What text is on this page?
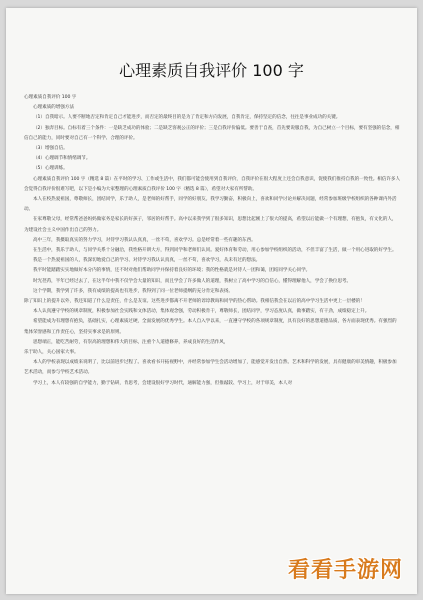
心理素质自我评价 100 字

心理素质自我评价 100 字

心理素质的增强方法

（1）自我暗示。人要不断地否定和肯定自己才能进步，而否定的最终目的是为了肯定和方向发展，自我肯定，保持坚定的信念，往往是事业成功的关键。

（2）独奔目标。自标有着三个条件：一是缺乏成功的体验；二是缺乏客观公正的评价；三是自我评价偏低。要善于自查，首先要说服自我，为自己树立一个目标，要有坚强的信念，相信自己的能力，同时要对自己有一个科学、合理的评价。

（3）增强自信。

（4）心理调节和情绪调节。

（5）心理训练。

心理素质自我评价 100 字（精选 8 篇）在平时的学习、工作或生活中，我们都可能会使用到自我评价，自我评价在很大程度上还会自我意识，促使我们推持自我的一致性。相信许多人会觉得自我评价很难写吧，以下是小编为大家整理的心理素质自我评价 100 字（精选 8 篇），希望对大家有所帮助。

本人在校热爱祖国，尊敬师长，团结同学，乐于助人，是老师的好帮手，同学的好朋友。我学习勤奋，积极向上，喜欢和同学讨论并解决问题，经常参加班级学校组织的各种课内外活动。

在家尊敬父母，经常帮爸爸妈妈做家务是家长的好孩子，邻居的好帮手。高中以来我学到了很多知识，思想比起刚上了很大的提高，希望以后能做一个有理想，有抱负，有文化的人，为建设社会主义中国作出自己的努力。

高中三年，我摄取真实的努力学习，对待学习我认认真真，一丝不苟，喜欢学习。总是经常着一些有趣的东西。

在生活中，我乐于助人，与同学关系十分融洽，我性格开朗大方，得到同学和老师们认同。爱好体育和劳动，用心参加学校组织的活动，不但丰富了生活，做一个用心进取的好学生。

我是一个热爱祖国的人，我深切地爱自己的学习、对待学习我认认真真，一丝不苟，喜欢学习，从未有过的想法。

我平时能踏踏实实地做好本分内的事情，还不时对他们帮助同学并保持着良好的环境；我的性格就是对待人一团和蔼，团结同学关心同学。

时光荏苒，半年已经过去了，在这半年中我不仅学会大量的知识，而且学会了许多做人的道理，我树立了高中学习的自信心，懂得理解他人，学会了换位思考。

这个学期，我学到了许多，我有成绩的提高也有进步，我得到了同一位老师提纲的充分肯定和表扬。

除了知识上的提升以外，我还知道了什么是责任，什么是友谊。这些进步都离不开老师的谆谆教诲和同学的热心帮助。我相信我会在以后的高中学习生活中更上一层楼的！

本人认真遵守学校的规章制度，积极参加社会实践和文体活动，集体观念强，劳动积极肯干，尊敬师长，团结同学，学习态度认真，做事踏实，有干劲，成绩稳定上升。

希望能成为有理想有抱负，基础扎实，心理素质过硬，全面发展的优秀学生。本人自入学以来，一直遵守学校的各项规章制度，具有良好的思想道德品质，各方面表现优秀。有强烈的集体荣誉感和工作责任心，坚持实事求是的原则。

思想端正，能吃苦耐劳，有崇高的理想和伟大的目标，注重个人道德修养，养成良好的生活作风，

乐于助人，关心国家大事。

本人的学校表现以成绩来说明了，比以前进步过程了。喜欢看书开拓视野中，并经常参加学生会活动增加了，能感觉开发出自然、艺术和科学的发展，具有健康的审美情趣，积极参加艺术活动，而参与学校艺术活动。

学习上，本人有较强的自学能力，勤于钻研，肯思考，会建设很好学习时代，通解能力强，但推敲较、学习上，对于审美，本人对

看看手游网
